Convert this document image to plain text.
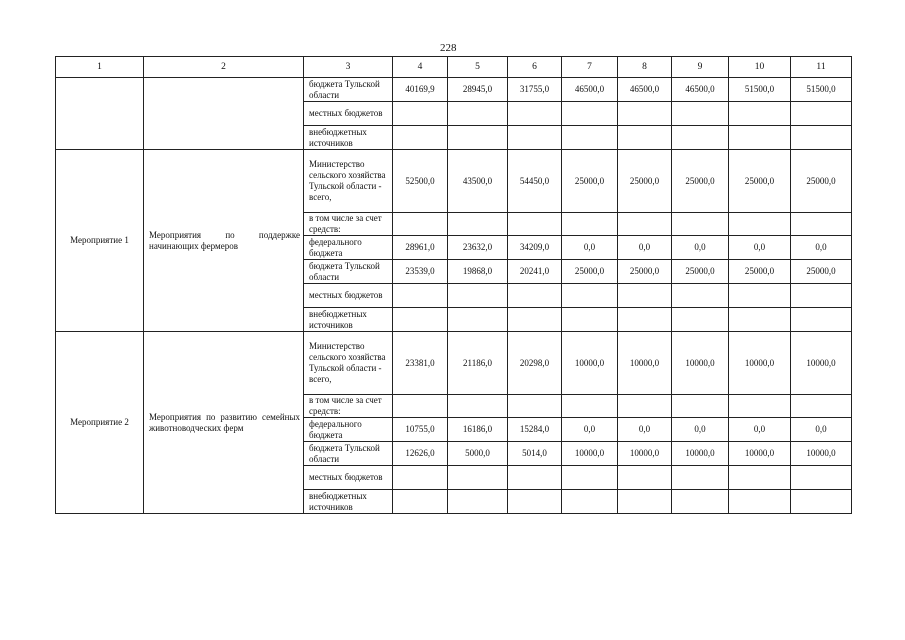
228
1	2	3	4	5	6	7	8	9	10	11
		бюджета Тульской области	40169,9	28945,0	31755,0	46500,0	46500,0	46500,0	51500,0	51500,0
		местных бюджетов								
		внебюджетных источников								
Мероприятие 1	Мероприятия по поддержке начинающих фермеров	Министерство сельского хозяйства Тульской области - всего,	52500,0	43500,0	54450,0	25000,0	25000,0	25000,0	25000,0	25000,0
		в том числе за счет средств:								
		федерального бюджета	28961,0	23632,0	34209,0	0,0	0,0	0,0	0,0	0,0
		бюджета Тульской области	23539,0	19868,0	20241,0	25000,0	25000,0	25000,0	25000,0	25000,0
		местных бюджетов								
		внебюджетных источников								
Мероприятие 2	Мероприятия по развитию семейных животноводческих ферм	Министерство сельского хозяйства Тульской области - всего,	23381,0	21186,0	20298,0	10000,0	10000,0	10000,0	10000,0	10000,0
		в том числе за счет средств:								
		федерального бюджета	10755,0	16186,0	15284,0	0,0	0,0	0,0	0,0	0,0
		бюджета Тульской области	12626,0	5000,0	5014,0	10000,0	10000,0	10000,0	10000,0	10000,0
		местных бюджетов								
		внебюджетных источников								
